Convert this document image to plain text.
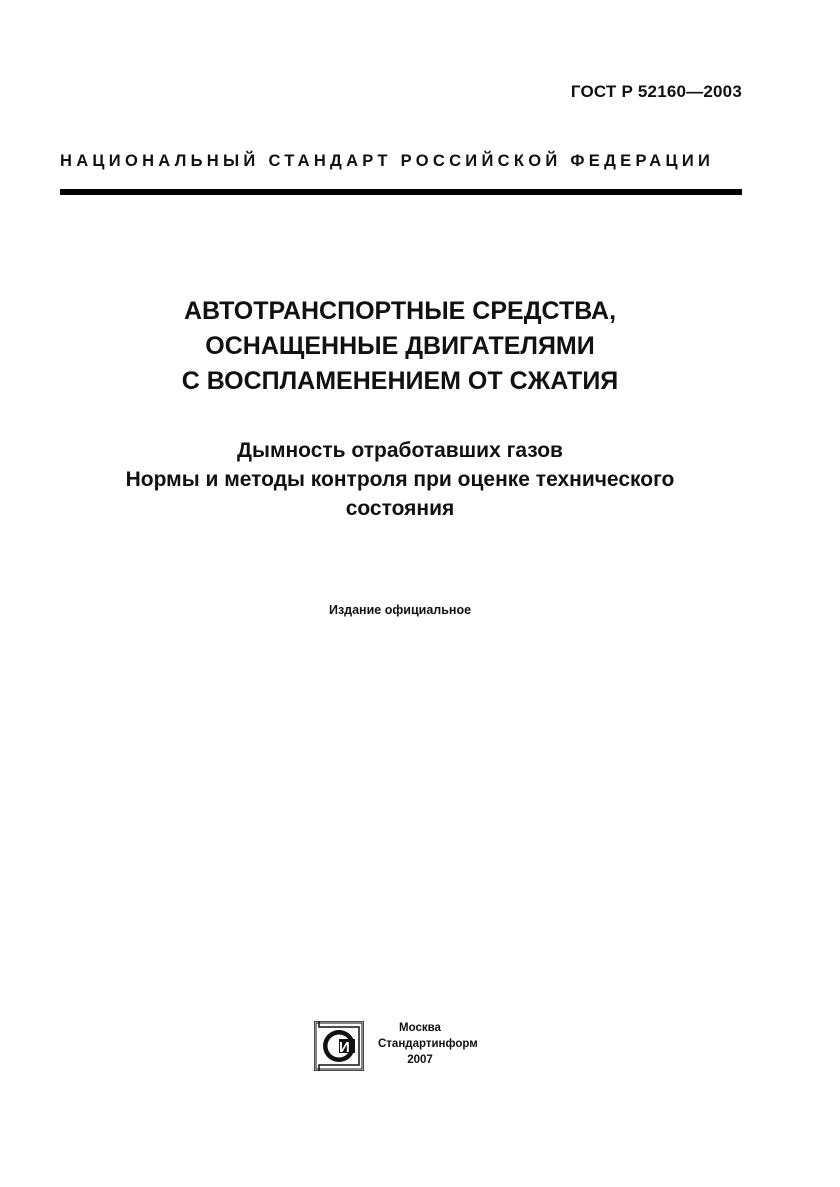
ГОСТ Р 52160—2003
НАЦИОНАЛЬНЫЙ СТАНДАРТ РОССИЙСКОЙ ФЕДЕРАЦИИ
АВТОТРАНСПОРТНЫЕ СРЕДСТВА,
ОСНАЩЕННЫЕ ДВИГАТЕЛЯМИ
С ВОСПЛАМЕНЕНИЕМ ОТ СЖАТИЯ
Дымность отработавших газов
Нормы и методы контроля при оценке технического
состояния
Издание официальное
СИ
Москва
Стандартинформ
2007
